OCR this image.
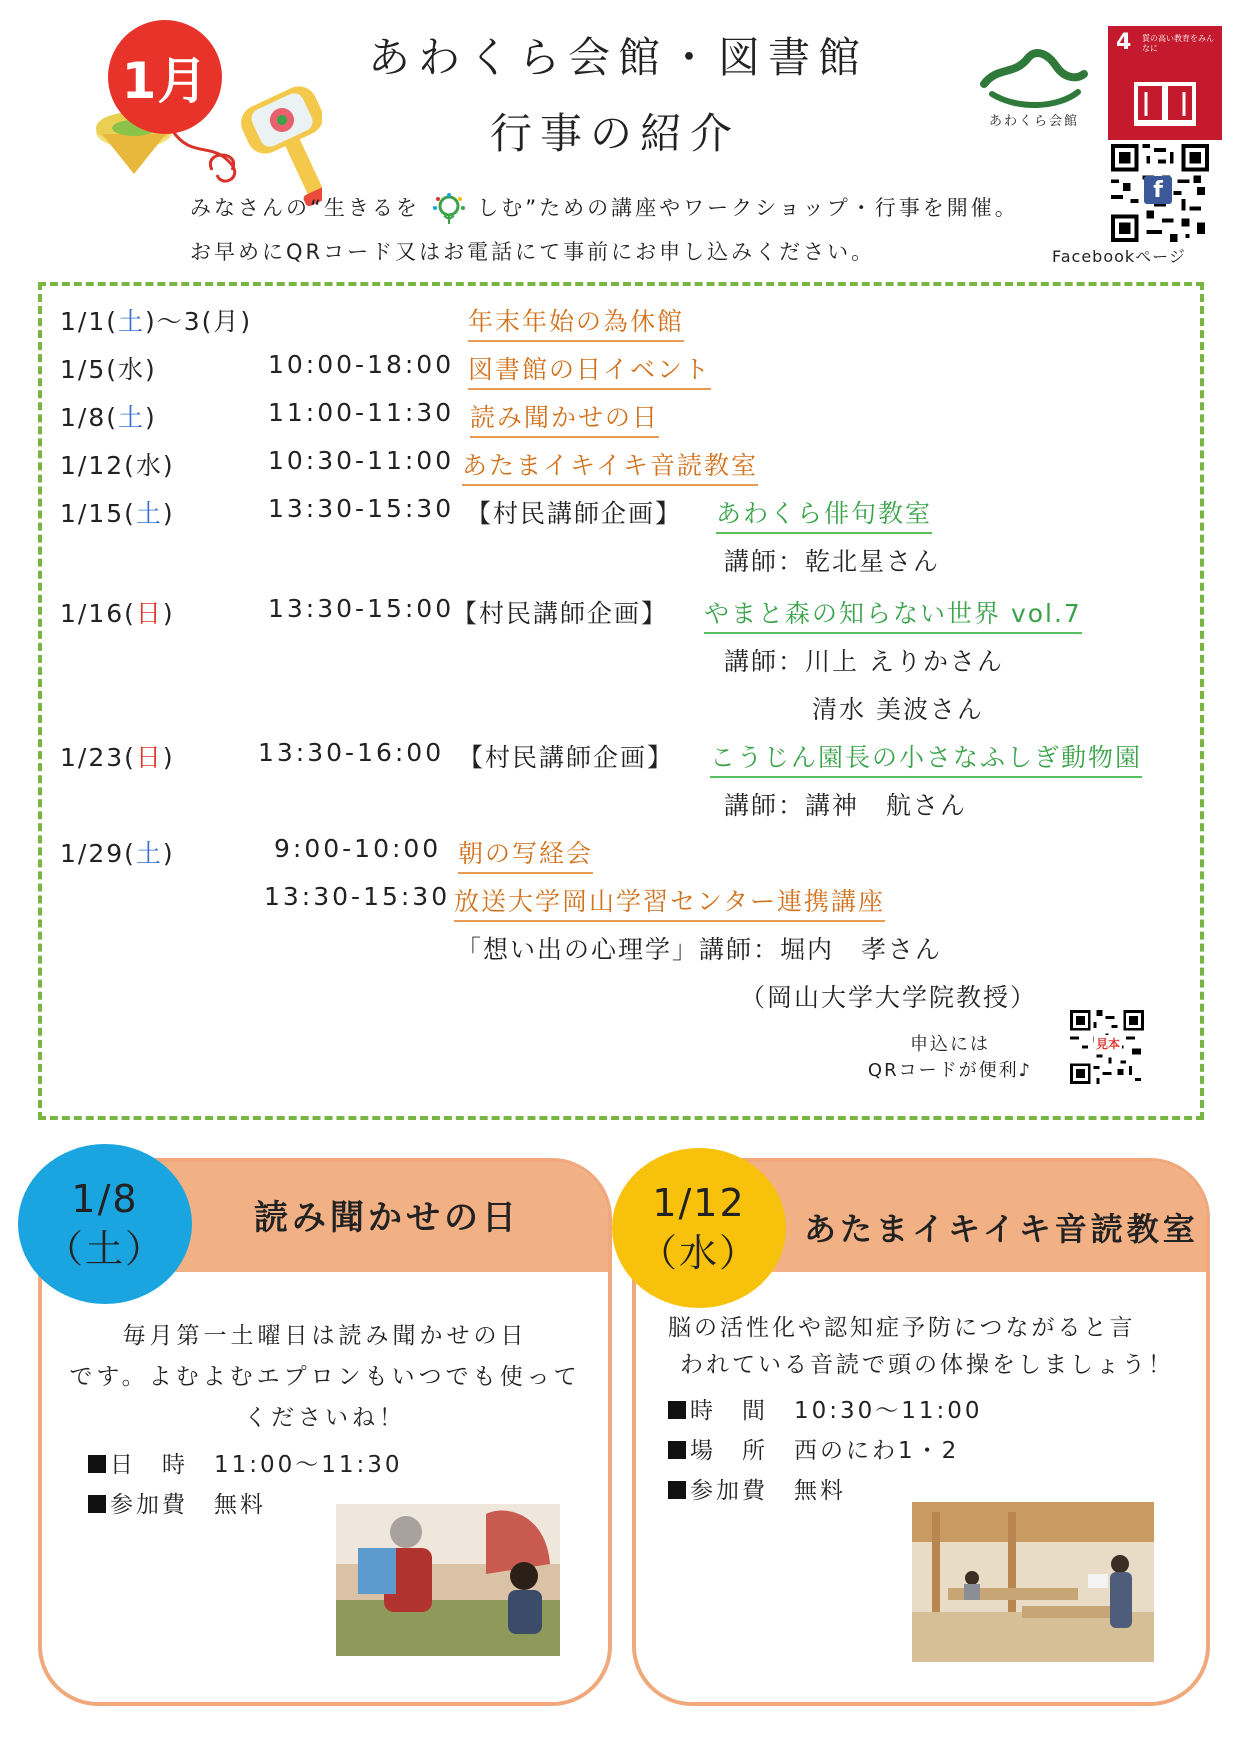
1月	あわくら会館・図書館
行事の紹介
みなさんの“生きるを	しむ”ための講座やワークショップ・行事を開催。
お早めにQRコード又はお電話にて事前にお申し込みください。
あわくら会館
4 質の高い教育をみんなに
f
Facebookページ
1/1(土)〜3(月)	年末年始の為休館
1/5(水)	10:00-18:00 図書館の日イベント
1/8(土)	11:00-11:30 読み聞かせの日
1/12(水)	10:30-11:00 あたまイキイキ音読教室
1/15(土)	13:30-15:30 【村民講師企画】 あわくら俳句教室
講師：乾北星さん
1/16(日)	13:30-15:00
【村民講師企画】 やまと森の知らない世界 vol.7
講師：川上 えりかさん
清水 美波さん
1/23(日)	13:30-16:00 【村民講師企画】 こうじん園長の小さなふしぎ動物園
講師：講神　航さん
1/29(土)	9:00-10:00 朝の写経会
13:30-15:30 放送大学岡山学習センター連携講座
「想い出の心理学」講師：堀内　孝さん
（岡山大学大学院教授）
申込には
QRコードが便利♪
見本
読み聞かせの日
1/8
（土）
毎月第一土曜日は読み聞かせの日
です。よむよむエプロンもいつでも使って
くださいね！
日　時　11:00〜11:30
参加費　無料
あたまイキイキ音読教室
1/12
（水）
脳の活性化や認知症予防につながると言
われている音読で頭の体操をしましょう！
時　間　10:30〜11:00
場　所　西のにわ1・2
参加費　無料
